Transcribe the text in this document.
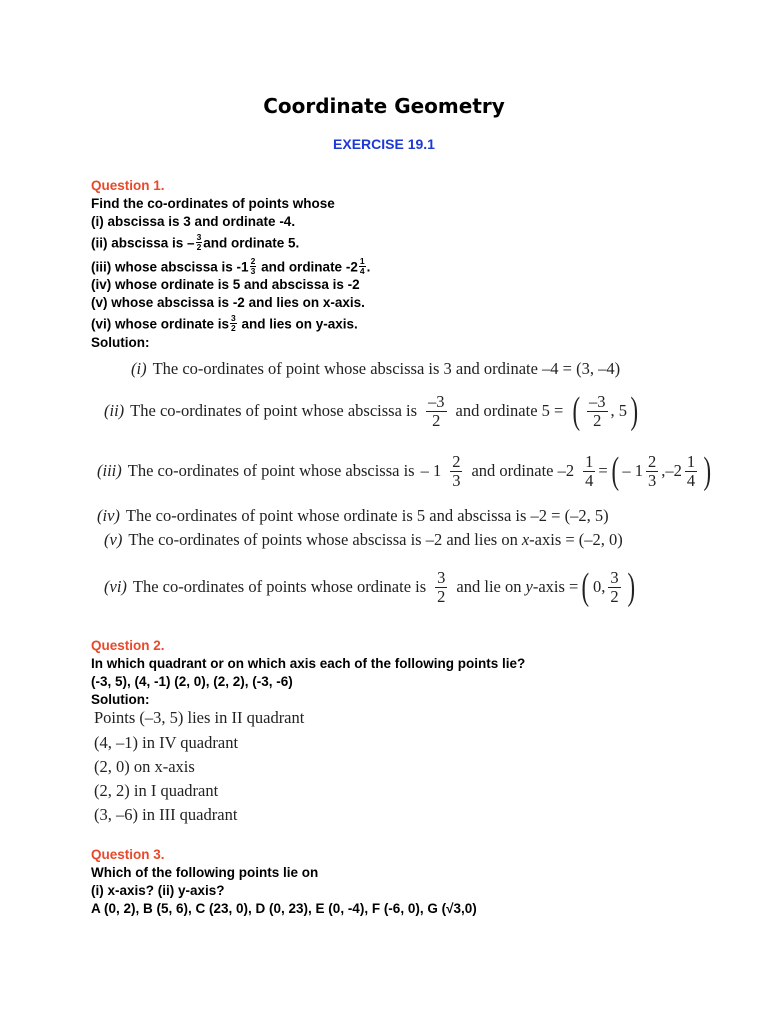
Coordinate Geometry
EXERCISE 19.1
Question 1.
Find the co-ordinates of points whose
(i) abscissa is 3 and ordinate -4.
(ii) abscissa is – $\frac{3}{2}$ and ordinate 5.
(iii) whose abscissa is $-1 \frac{2}{3}$ and ordinate $-2 \frac{1}{4}$ .
(iv) whose ordinate is 5 and abscissa is -2
(v) whose abscissa is -2 and lies on x-axis.
(vi) whose ordinate is $\frac{3}{2}$ and lies on y-axis.
Solution:
(i) The co-ordinates of point whose abscissa is 3 and ordinate –4 = (3, –4)
(ii) The co-ordinates of point whose abscissa is $\frac{-3}{2}$ and ordinate 5 = ( $\frac{-3}{2}$ , 5 )
(iii) The co-ordinates of point whose abscissa is – $1 \frac{2}{3}$ and ordinate $-2 \frac{1}{4}$ = ( – $1 \frac{2}{3} ,-2 \frac{1}{4}$ )
(iv) The co-ordinates of point whose ordinate is 5 and abscissa is –2 = (–2, 5)
(v) The co-ordinates of points whose abscissa is –2 and lies on x -axis = (–2, 0)
(vi) The co-ordinates of points whose ordinate is $\frac{3}{2}$ and lie on y -axis = ( 0, $\frac{3}{2}$ )
Question 2.
In which quadrant or on which axis each of the following points lie?
(-3, 5), (4, -1) (2, 0), (2, 2), (-3, -6)
Solution:
Points (–3, 5) lies in II quadrant
(4, –1) in IV quadrant
(2, 0) on x-axis
(2, 2) in I quadrant
(3, –6) in III quadrant
Question 3.
Which of the following points lie on
(i) x-axis? (ii) y-axis?
A (0, 2), B (5, 6), C (23, 0), D (0, 23), E (0, -4), F (-6, 0), G (√3,0)
